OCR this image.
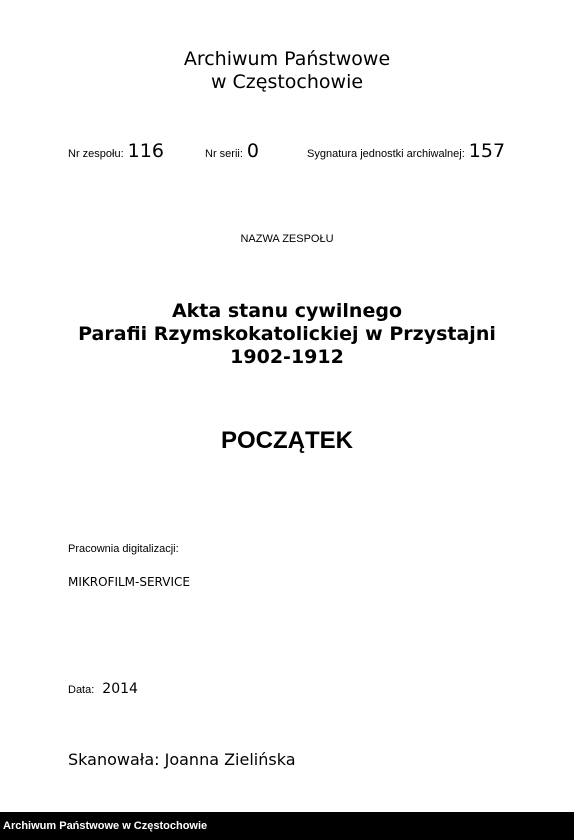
Archiwum Państwowe
w Częstochowie
Nr zespołu: 116	Nr serii: 0	Sygnatura jednostki archiwalnej: 157
NAZWA ZESPOŁU
Akta stanu cywilnego
Parafii Rzymskokatolickiej w Przystajni
1902-1912
POCZĄTEK
Pracownia digitalizacji:
MIKROFILM-SERVICE
Data: 2014
Skanowała: Joanna Zielińska
Archiwum Państwowe w Częstochowie
